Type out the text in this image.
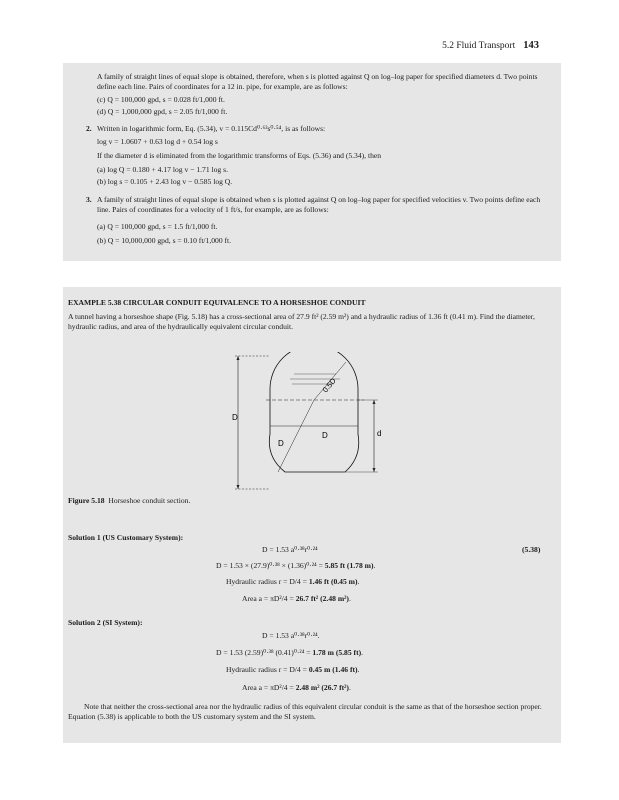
5.2 Fluid Transport 143
A family of straight lines of equal slope is obtained, therefore, when s is plotted against Q on log–log paper for specified diameters d. Two points define each line. Pairs of coordinates for a 12 in. pipe, for example, are as follows:
(c) Q = 100,000 gpd, s = 0.028 ft/1,000 ft.
(d) Q = 1,000,000 gpd, s = 2.05 ft/1,000 ft.
2. Written in logarithmic form, Eq. (5.34), v = 0.115Cd⁰·⁶³s⁰·⁵⁴, is as follows:
log v = 1.0607 + 0.63 log d + 0.54 log s
If the diameter d is eliminated from the logarithmic transforms of Eqs. (5.36) and (5.34), then
(a) log Q = 0.180 + 4.17 log v − 1.71 log s.
(b) log s = 0.105 + 2.43 log v − 0.585 log Q.
3. A family of straight lines of equal slope is obtained when s is plotted against Q on log–log paper for specified velocities v. Two points define each line. Pairs of coordinates for a velocity of 1 ft/s, for example, are as follows:
(a) Q = 100,000 gpd, s = 1.5 ft/1,000 ft.
(b) Q = 10,000,000 gpd, s = 0.10 ft/1,000 ft.
EXAMPLE 5.38 CIRCULAR CONDUIT EQUIVALENCE TO A HORSESHOE CONDUIT
A tunnel having a horseshoe shape (Fig. 5.18) has a cross-sectional area of 27.9 ft² (2.59 m²) and a hydraulic radius of 1.36 ft (0.41 m). Find the diameter, hydraulic radius, and area of the hydraulically equivalent circular conduit.
D
D
D
d
0.5D
Figure 5.18 Horseshoe conduit section.
Solution 1 (US Customary System):
D = 1.53 a⁰·³⁸r⁰·²⁴	(5.38)
D = 1.53 × (27.9)⁰·³⁸ × (1.36)⁰·²⁴ = 5.85 ft (1.78 m).
Hydraulic radius r = D/4 = 1.46 ft (0.45 m).
Area a = πD²/4 = 26.7 ft² (2.48 m²).
Solution 2 (SI System):
D = 1.53 a⁰·³⁸r⁰·²⁴.
D = 1.53 (2.59)⁰·³⁸ (0.41)⁰·²⁴ = 1.78 m (5.85 ft).
Hydraulic radius r = D/4 = 0.45 m (1.46 ft).
Area a = πD²/4 = 2.48 m² (26.7 ft²).
Note that neither the cross-sectional area nor the hydraulic radius of this equivalent circular conduit is the same as that of the horseshoe section proper. Equation (5.38) is applicable to both the US customary system and the SI system.
